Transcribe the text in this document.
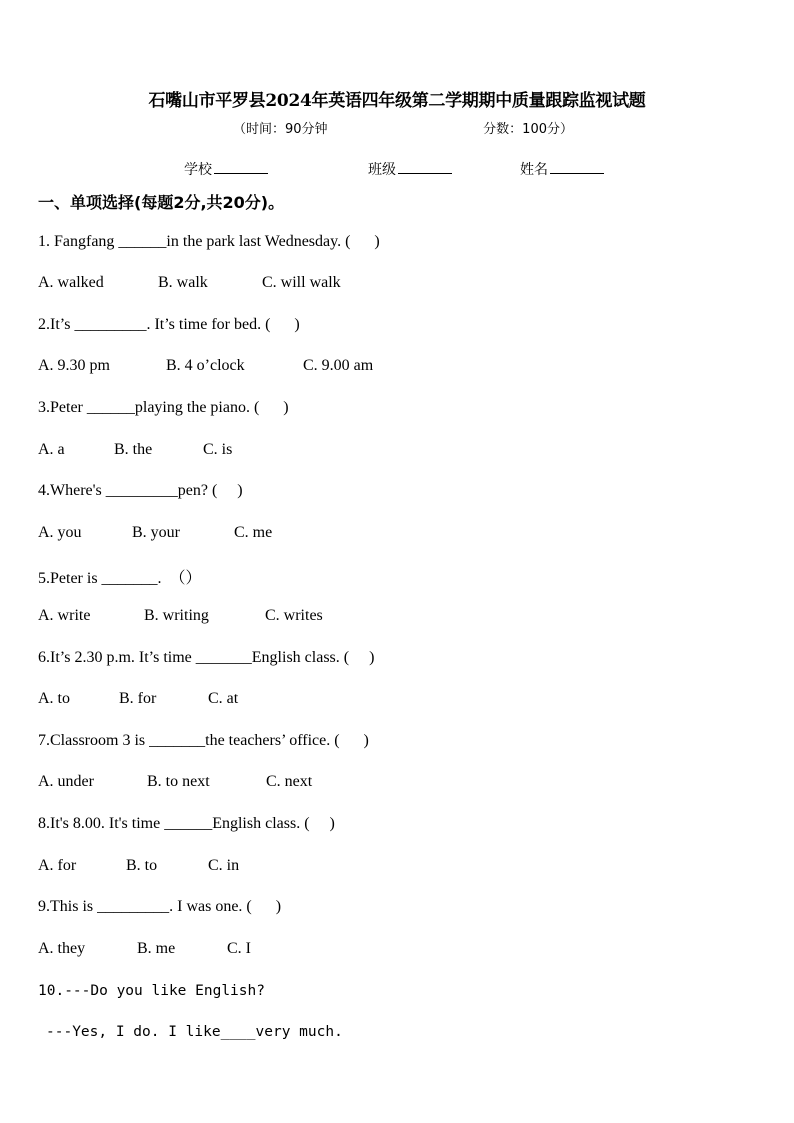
石嘴山市平罗县2024年英语四年级第二学期期中质量跟踪监视试题
（时间：90分钟	分数：100分）
学校	班级	姓名
一、单项选择(每题2分,共20分)。
1. Fangfang ______in the park last Wednesday. (      )
A. walked	B. walk	C. will walk
2.It’s _________. It’s time for bed. (      )
A. 9.30 pm	B. 4 o’clock	C. 9.00 am
3.Peter ______playing the piano. (      )
A. a	B. the	C. is
4.Where's _________pen? (     )
A. you	B. your	C. me
5.Peter is _______.  （）
A. write	B. writing	C. writes
6.It’s 2.30 p.m. It’s time _______English class. (     )
A. to	B. for	C. at
7.Classroom 3 is _______the teachers’ office. (      )
A. under	B. to next	C. next
8.It's 8.00. It's time ______English class. (     )
A. for	B. to	C. in
9.This is _________. I was one. (      )
A. they	B. me	C. I
10.---Do you like English?
---Yes, I do. I like____very much.
